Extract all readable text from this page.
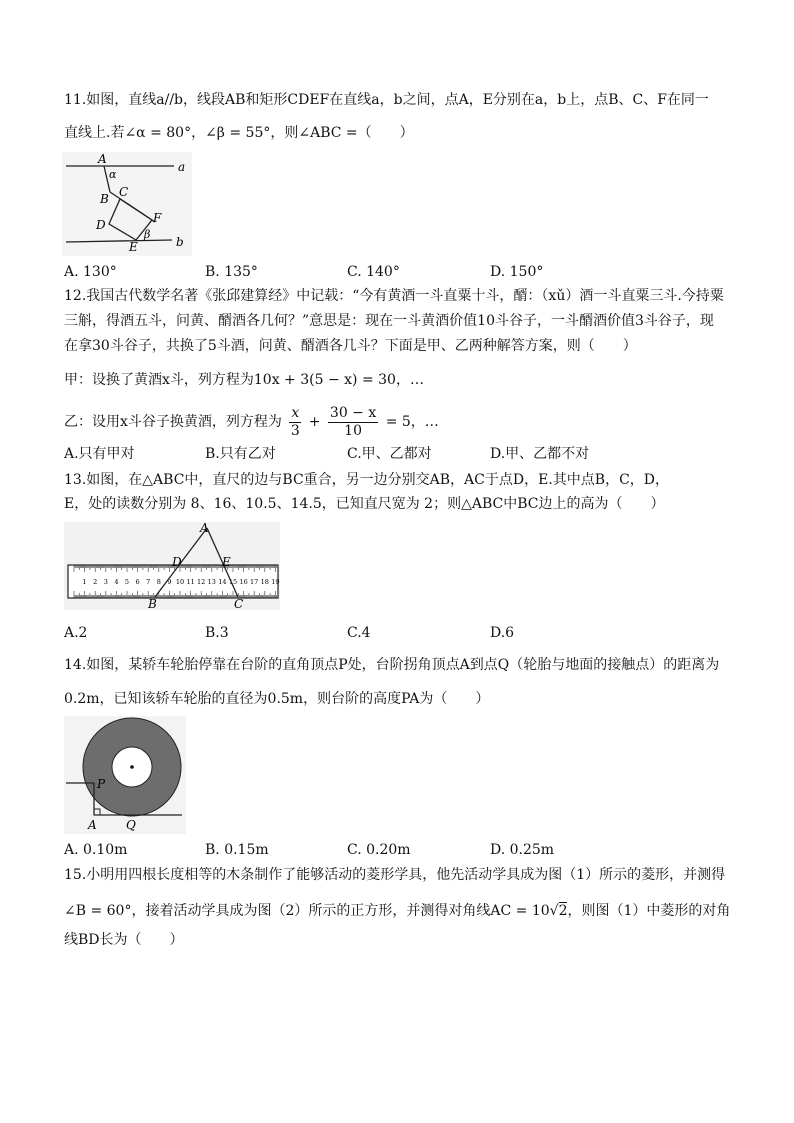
11.如图，直线a//b，线段AB和矩形CDEF在直线a，b之间，点A，E分别在a，b上，点B、C、F在同一
直线上.若∠α = 80°，∠β = 55°，则∠ABC =（　　）
A
a
α
B C
D	F
β
E	b
A. 130°	B. 135°	C. 140°	D. 150°
12.我国古代数学名著《张邱建算经》中记载：“今有黄酒一斗直粟十斗，醑：（xǔ）酒一斗直粟三斗.今持粟
三斛，得酒五斗，问黄、醑酒各几何？”意思是：现在一斗黄酒价值10斗谷子，一斗醑酒价值3斗谷子，现
在拿30斗谷子，共换了5斗酒，问黄、醑酒各几斗？下面是甲、乙两种解答方案，则（　　）
甲：设换了黄酒x斗，列方程为10x + 3(5 − x) = 30，…
乙：设用x斗谷子换黄酒，列方程为 $\frac{x}{3} + \frac{30 - x}{10} = 5$，…
A.只有甲对	B.只有乙对	C.甲、乙都对	D.甲、乙都不对
13.如图，在△ABC中，直尺的边与BC重合，另一边分别交AB，AC于点D，E.其中点B，C，D，
E，处的读数分别为 8、16、10.5、14.5，已知直尺宽为 2；则△ABC中BC边上的高为（　　）
1 2 3 4 5 6 7 8 9 10 11 12 13 14 15 16 17 18 19
A
D	E
B	C
A.2	B.3	C.4	D.6
14.如图，某轿车轮胎停靠在台阶的直角顶点P处，台阶拐角顶点A到点Q（轮胎与地面的接触点）的距离为
0.2m，已知该轿车轮胎的直径为0.5m，则台阶的高度PA为（　　）
P
A Q
A. 0.10m	B. 0.15m	C. 0.20m	D. 0.25m
15.小明用四根长度相等的木条制作了能够活动的菱形学具，他先活动学具成为图（1）所示的菱形，并测得
∠B = 60°，接着活动学具成为图（2）所示的正方形，并测得对角线AC = 10√2，则图（1）中菱形的对角
线BD长为（　　）
